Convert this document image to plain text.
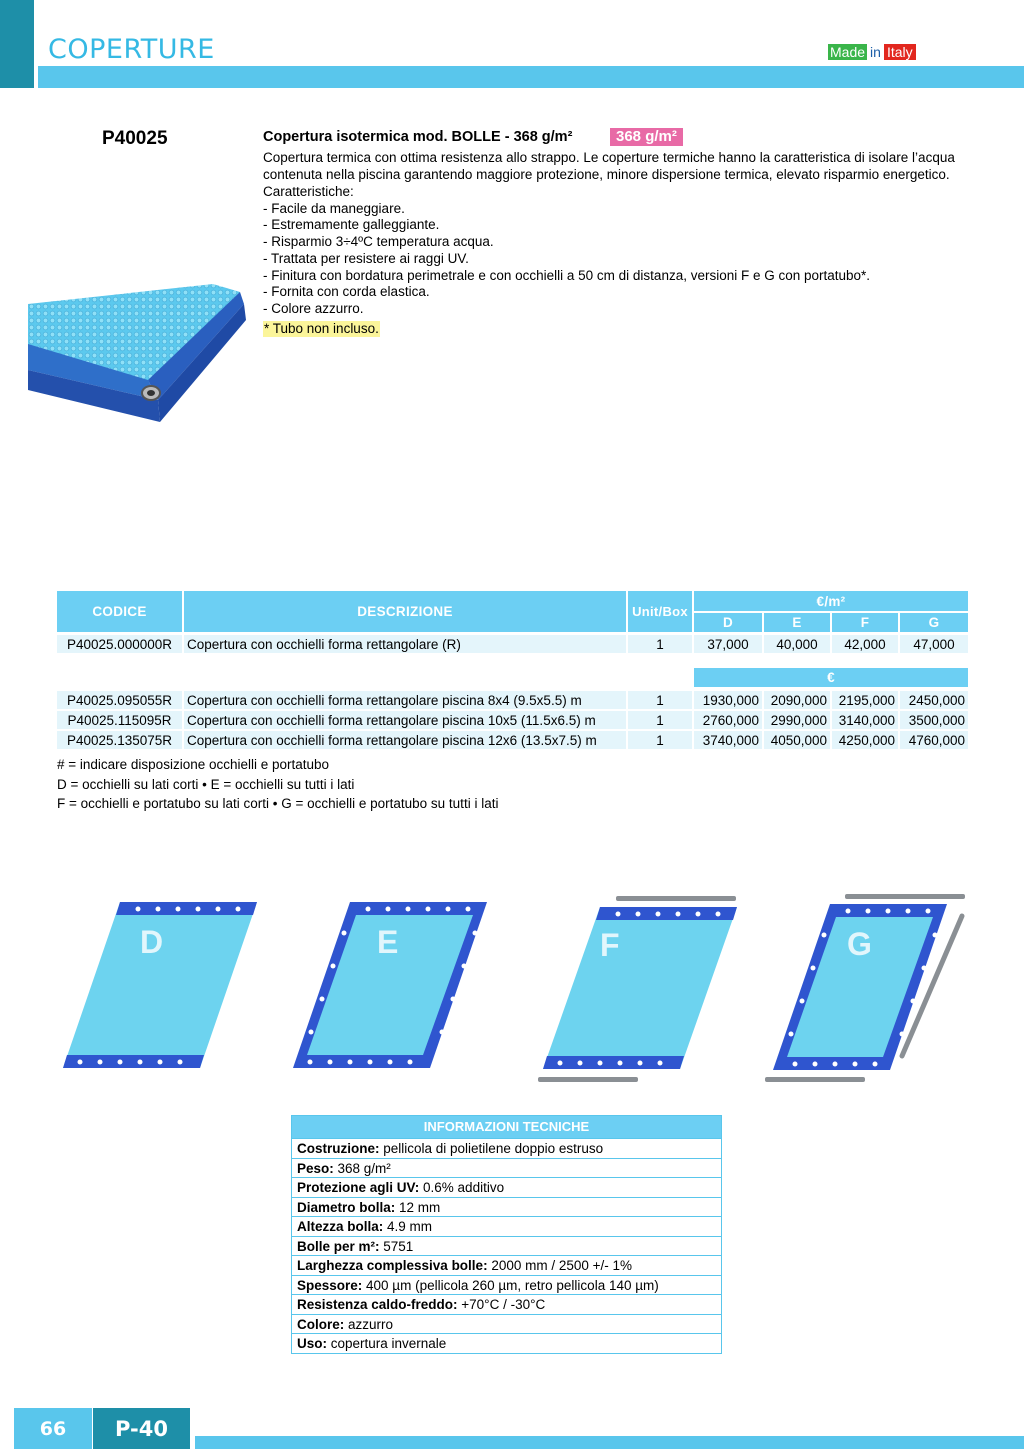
COPERTURE	Made in Italy
P40025	Copertura isotermica mod. BOLLE - 368 g/m²	368 g/m²
Copertura termica con ottima resistenza allo strappo. Le coperture termiche hanno la caratteristica di isolare l’acqua contenuta nella piscina garantendo maggiore protezione, minore dispersione termica, elevato risparmio energetico.
Caratteristiche:
- Facile da maneggiare.
- Estremamente galleggiante.
- Risparmio 3÷4ºC temperatura acqua.
- Trattata per resistere ai raggi UV.
- Finitura con bordatura perimetrale e con occhielli a 50 cm di distanza, versioni F e G con portatubo*.
- Fornita con corda elastica.
- Colore azzurro.
* Tubo non incluso.
CODICE	DESCRIZIONE	Unit/Box
€/m²
D	E	F	G
P40025.000000R	Copertura con occhielli forma rettangolare (R)	1	37,000	40,000	42,000	47,000
€
P40025.095055R	Copertura con occhielli forma rettangolare piscina 8x4 (9.5x5.5) m	1	1930,000 2090,000 2195,000	2450,000
P40025.115095R	Copertura con occhielli forma rettangolare piscina 10x5 (11.5x6.5) m	1	2760,000 2990,000 3140,000	3500,000
P40025.135075R	Copertura con occhielli forma rettangolare piscina 12x6 (13.5x7.5) m	1	3740,000 4050,000 4250,000	4760,000
# = indicare disposizione occhielli e portatubo
D = occhielli su lati corti • E = occhielli su tutti i lati
F = occhielli e portatubo su lati corti • G = occhielli e portatubo su tutti i lati
D	E	F	G
INFORMAZIONI TECNICHE
Costruzione: pellicola di polietilene doppio estruso
Peso: 368 g/m²
Protezione agli UV: 0.6% additivo
Diametro bolla: 12 mm
Altezza bolla: 4.9 mm
Bolle per m²: 5751
Larghezza complessiva bolle: 2000 mm / 2500 +/- 1%
Spessore: 400 µm (pellicola 260 µm, retro pellicola 140 µm)
Resistenza caldo-freddo: +70°C / -30°C
Colore: azzurro
Uso: copertura invernale
66	P-40
